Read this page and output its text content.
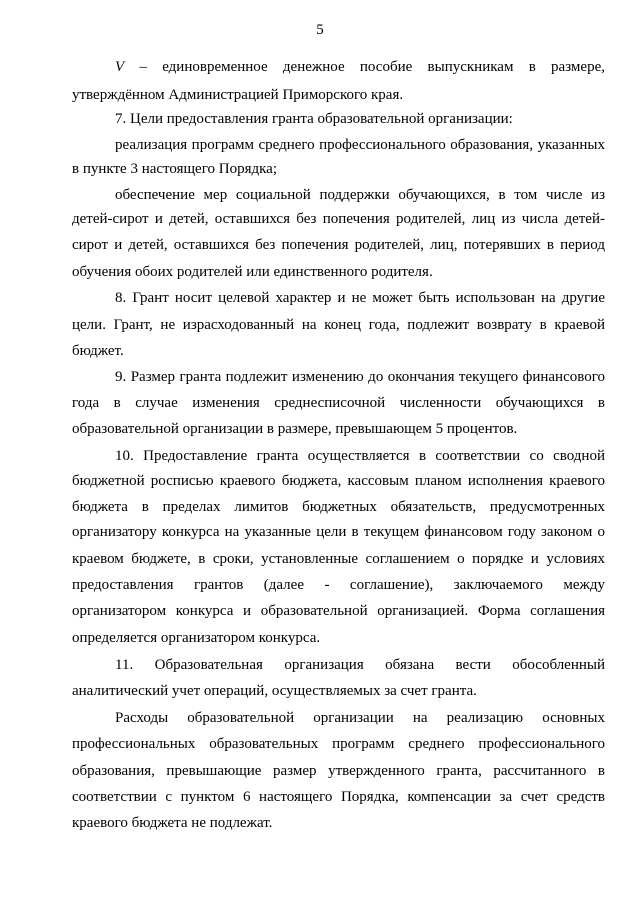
5
V – единовременное денежное пособие выпускникам в размере,
утверждённом Администрацией Приморского края.
7. Цели предоставления гранта образовательной организации:
реализация программ среднего профессионального образования, указанных
в пункте 3 настоящего Порядка;
обеспечение мер социальной поддержки обучающихся, в том числе из
детей-сирот и детей, оставшихся без попечения родителей, лиц из числа детей-
сирот и детей, оставшихся без попечения родителей, лиц, потерявших в период
обучения обоих родителей или единственного родителя.
8. Грант носит целевой характер и не может быть использован на другие
цели. Грант, не израсходованный на конец года, подлежит возврату в краевой
бюджет.
9. Размер гранта подлежит изменению до окончания текущего финансового
года в случае изменения среднесписочной численности обучающихся в
образовательной организации в размере, превышающем 5 процентов.
10. Предоставление гранта осуществляется в соответствии со сводной
бюджетной росписью краевого бюджета, кассовым планом исполнения краевого
бюджета в пределах лимитов бюджетных обязательств, предусмотренных
организатору конкурса на указанные цели в текущем финансовом году законом о
краевом бюджете, в сроки, установленные соглашением о порядке и условиях
предоставления грантов (далее - соглашение), заключаемого между
организатором конкурса и образовательной организацией. Форма соглашения
определяется организатором конкурса.
11. Образовательная организация обязана вести обособленный
аналитический учет операций, осуществляемых за счет гранта.
Расходы образовательной организации на реализацию основных
профессиональных образовательных программ среднего профессионального
образования, превышающие размер утвержденного гранта, рассчитанного в
соответствии с пунктом 6 настоящего Порядка, компенсации за счет средств
краевого бюджета не подлежат.
